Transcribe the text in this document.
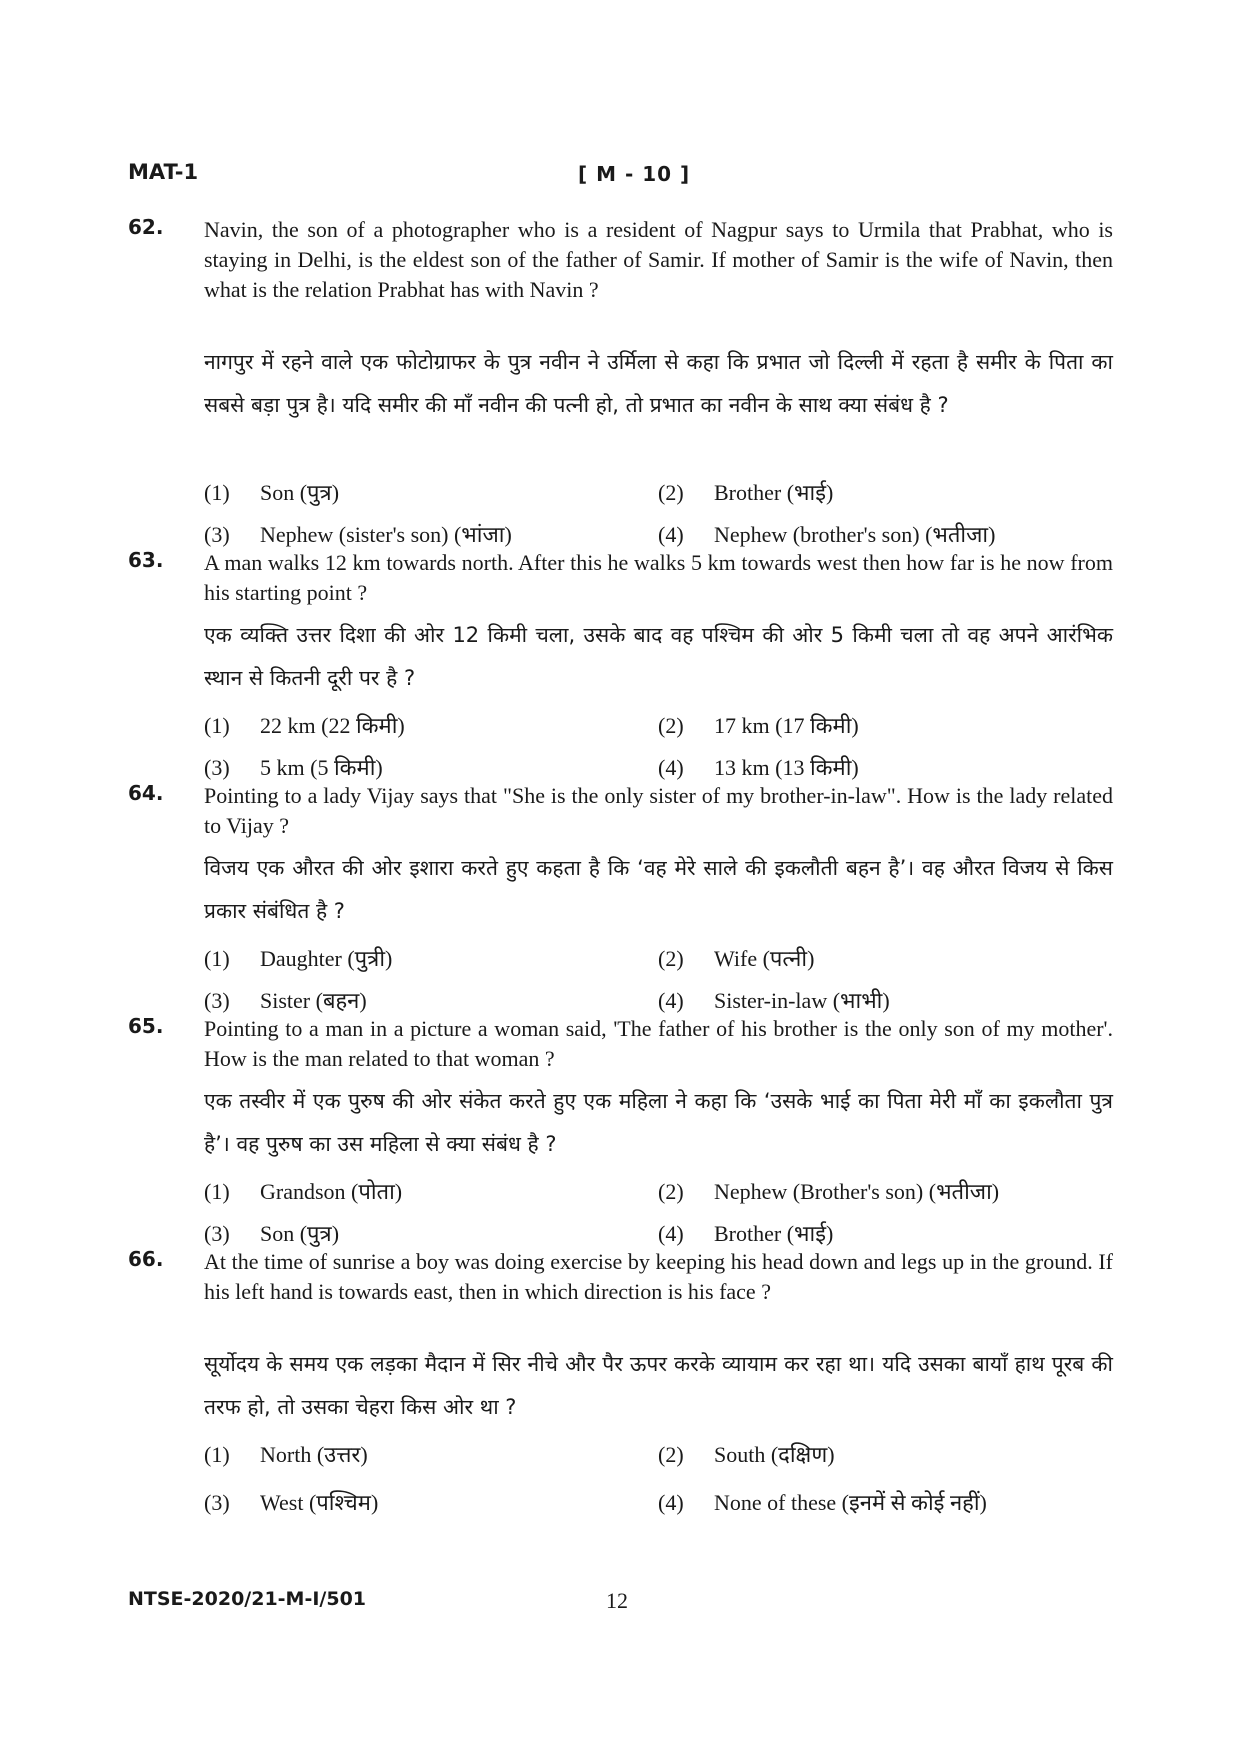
MAT-1	[ M - 10 ]
62. Navin, the son of a photographer who is a resident of Nagpur says to Urmila that Prabhat, who is staying in Delhi, is the eldest son of the father of Samir. If mother of Samir is the wife of Navin, then what is the relation Prabhat has with Navin ?
नागपुर में रहने वाले एक फोटोग्राफर के पुत्र नवीन ने उर्मिला से कहा कि प्रभात जो दिल्ली में रहता है समीर के पिता का सबसे बड़ा पुत्र है। यदि समीर की माँ नवीन की पत्नी हो, तो प्रभात का नवीन के साथ क्या संबंध है ?
(1) Son (पुत्र)	(2) Brother (भाई)
(3) Nephew (sister's son) (भांजा)	(4) Nephew (brother's son) (भतीजा)
63. A man walks 12 km towards north. After this he walks 5 km towards west then how far is he now from his starting point ?
एक व्यक्ति उत्तर दिशा की ओर 12 किमी चला, उसके बाद वह पश्चिम की ओर 5 किमी चला तो वह अपने आरंभिक स्थान से कितनी दूरी पर है ?
(1) 22 km (22 किमी)	(2) 17 km (17 किमी)
(3) 5 km (5 किमी)	(4) 13 km (13 किमी)
64. Pointing to a lady Vijay says that "She is the only sister of my brother-in-law". How is the lady related to Vijay ?
विजय एक औरत की ओर इशारा करते हुए कहता है कि ‘वह मेरे साले की इकलौती बहन है’। वह औरत विजय से किस प्रकार संबंधित है ?
(1) Daughter (पुत्री)	(2) Wife (पत्नी)
(3) Sister (बहन)	(4) Sister-in-law (भाभी)
65. Pointing to a man in a picture a woman said, 'The father of his brother is the only son of my mother'. How is the man related to that woman ?
एक तस्वीर में एक पुरुष की ओर संकेत करते हुए एक महिला ने कहा कि ‘उसके भाई का पिता मेरी माँ का इकलौता पुत्र है’। वह पुरुष का उस महिला से क्या संबंध है ?
(1) Grandson (पोता)	(2) Nephew (Brother's son) (भतीजा)
(3) Son (पुत्र)	(4) Brother (भाई)
66. At the time of sunrise a boy was doing exercise by keeping his head down and legs up in the ground. If his left hand is towards east, then in which direction is his face ?
सूर्योदय के समय एक लड़का मैदान में सिर नीचे और पैर ऊपर करके व्यायाम कर रहा था। यदि उसका बायाँ हाथ पूरब की तरफ हो, तो उसका चेहरा किस ओर था ?
(1) North (उत्तर)	(2) South (दक्षिण)
(3) West (पश्चिम)	(4) None of these (इनमें से कोई नहीं)
NTSE-2020/21-M-I/501	12
